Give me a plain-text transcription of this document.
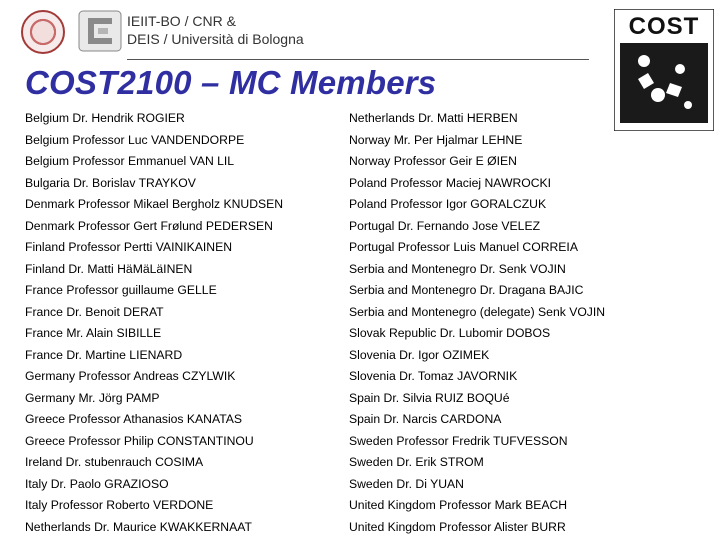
IEIIT-BO / CNR &
DEIS / Università di Bologna	COST
COST2100 – MC Members
Belgium Dr. Hendrik ROGIER
Belgium Professor Luc VANDENDORPE
Belgium Professor Emmanuel VAN LIL
Bulgaria Dr. Borislav TRAYKOV
Denmark Professor Mikael Bergholz KNUDSEN
Denmark Professor Gert Frølund PEDERSEN
Finland Professor Pertti VAINIKAINEN
Finland Dr. Matti HäMäLäINEN
France Professor guillaume GELLE
France Dr. Benoit DERAT
France Mr. Alain SIBILLE
France Dr. Martine LIENARD
Germany Professor Andreas CZYLWIK
Germany Mr. Jörg PAMP
Greece Professor Athanasios KANATAS
Greece Professor Philip CONSTANTINOU
Ireland Dr. stubenrauch COSIMA
Italy Dr. Paolo GRAZIOSO
Italy Professor Roberto VERDONE
Netherlands Dr. Maurice KWAKKERNAAT
Netherlands Dr. Matti HERBEN
Norway Mr. Per Hjalmar LEHNE
Norway Professor Geir E ØIEN
Poland Professor Maciej NAWROCKI
Poland Professor Igor GORALCZUK
Portugal Dr. Fernando Jose VELEZ
Portugal Professor Luis Manuel CORREIA
Serbia and Montenegro Dr. Senk VOJIN
Serbia and Montenegro Dr. Dragana BAJIC
Serbia and Montenegro (delegate) Senk VOJIN
Slovak Republic Dr. Lubomir DOBOS
Slovenia Dr. Igor OZIMEK
Slovenia Dr. Tomaz JAVORNIK
Spain Dr. Silvia RUIZ BOQUé
Spain Dr. Narcis CARDONA
Sweden Professor Fredrik TUFVESSON
Sweden Dr. Erik STROM
Sweden Dr. Di YUAN
United Kingdom Professor Mark BEACH
United Kingdom Professor Alister BURR
